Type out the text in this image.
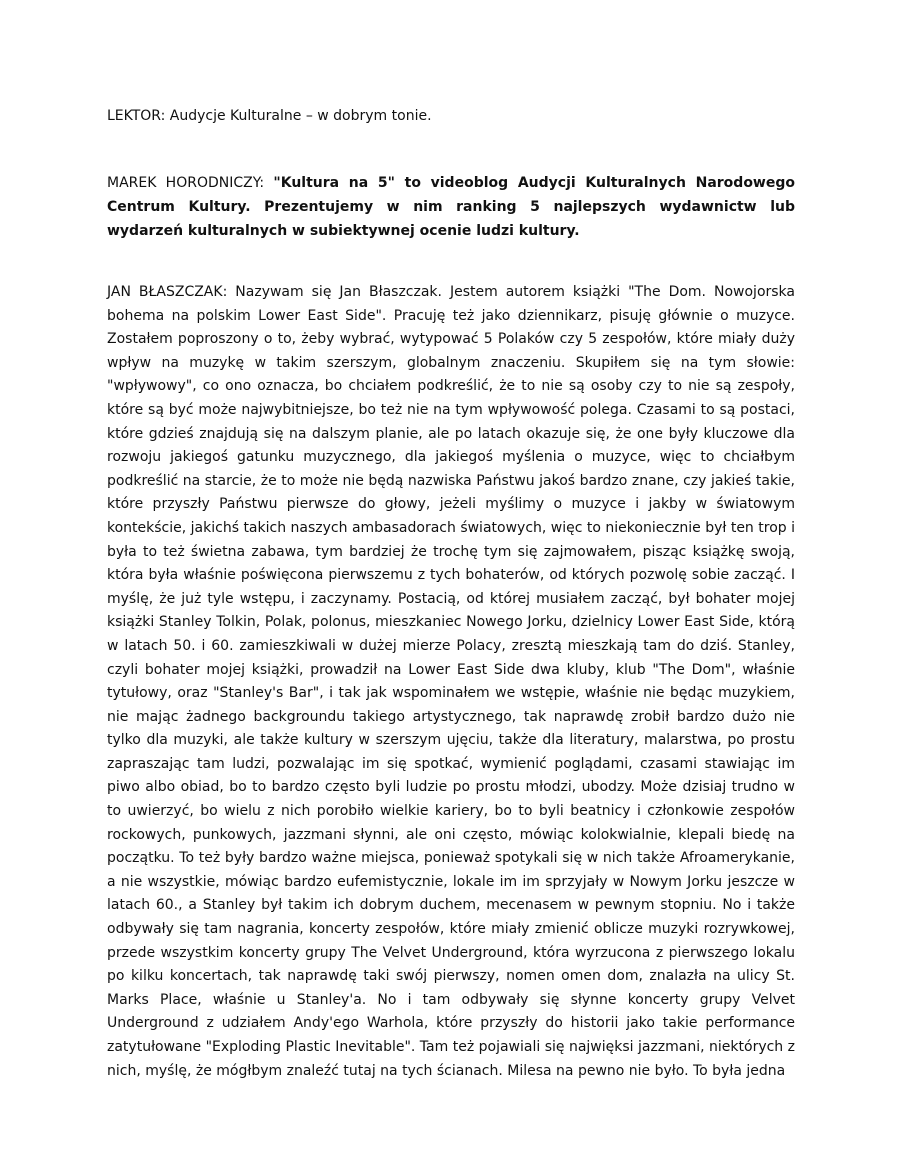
LEKTOR: Audycje Kulturalne – w dobrym tonie.

MAREK HORODNICZY: "Kultura na 5" to videoblog Audycji Kulturalnych Narodowego Centrum Kultury. Prezentujemy w nim ranking 5 najlepszych wydawnictw lub wydarzeń kulturalnych w subiektywnej ocenie ludzi kultury.

JAN BŁASZCZAK: Nazywam się Jan Błaszczak. Jestem autorem książki "The Dom. Nowojorska bohema na polskim Lower East Side". Pracuję też jako dziennikarz, pisuję głównie o muzyce. Zostałem poproszony o to, żeby wybrać, wytypować 5 Polaków czy 5 zespołów, które miały duży wpływ na muzykę w takim szerszym, globalnym znaczeniu. Skupiłem się na tym słowie: "wpływowy", co ono oznacza, bo chciałem podkreślić, że to nie są osoby czy to nie są zespoły, które są być może najwybitniejsze, bo też nie na tym wpływowość polega. Czasami to są postaci, które gdzieś znajdują się na dalszym planie, ale po latach okazuje się, że one były kluczowe dla rozwoju jakiegoś gatunku muzycznego, dla jakiegoś myślenia o muzyce, więc to chciałbym podkreślić na starcie, że to może nie będą nazwiska Państwu jakoś bardzo znane, czy jakieś takie, które przyszły Państwu pierwsze do głowy, jeżeli myślimy o muzyce i jakby w światowym kontekście, jakichś takich naszych ambasadorach światowych, więc to niekoniecznie był ten trop i była to też świetna zabawa, tym bardziej że trochę tym się zajmowałem, pisząc książkę swoją, która była właśnie poświęcona pierwszemu z tych bohaterów, od których pozwolę sobie zacząć. I myślę, że już tyle wstępu, i zaczynamy. Postacią, od której musiałem zacząć, był bohater mojej książki Stanley Tolkin, Polak, polonus, mieszkaniec Nowego Jorku, dzielnicy Lower East Side, którą w latach 50. i 60. zamieszkiwali w dużej mierze Polacy, zresztą mieszkają tam do dziś. Stanley, czyli bohater mojej książki, prowadził na Lower East Side dwa kluby, klub "The Dom", właśnie tytułowy, oraz "Stanley's Bar", i tak jak wspominałem we wstępie, właśnie nie będąc muzykiem, nie mając żadnego backgroundu takiego artystycznego, tak naprawdę zrobił bardzo dużo nie tylko dla muzyki, ale także kultury w szerszym ujęciu, także dla literatury, malarstwa, po prostu zapraszając tam ludzi, pozwalając im się spotkać, wymienić poglądami, czasami stawiając im piwo albo obiad, bo to bardzo często byli ludzie po prostu młodzi, ubodzy. Może dzisiaj trudno w to uwierzyć, bo wielu z nich porobiło wielkie kariery, bo to byli beatnicy i członkowie zespołów rockowych, punkowych, jazzmani słynni, ale oni często, mówiąc kolokwialnie, klepali biedę na początku. To też były bardzo ważne miejsca, ponieważ spotykali się w nich także Afroamerykanie, a nie wszystkie, mówiąc bardzo eufemistycznie, lokale im im sprzyjały w Nowym Jorku jeszcze w latach 60., a Stanley był takim ich dobrym duchem, mecenasem w pewnym stopniu. No i także odbywały się tam nagrania, koncerty zespołów, które miały zmienić oblicze muzyki rozrywkowej, przede wszystkim koncerty grupy The Velvet Underground, która wyrzucona z pierwszego lokalu po kilku koncertach, tak naprawdę taki swój pierwszy, nomen omen dom, znalazła na ulicy St. Marks Place, właśnie u Stanley'a. No i tam odbywały się słynne koncerty grupy Velvet Underground z udziałem Andy'ego Warhola, które przyszły do historii jako takie performance zatytułowane "Exploding Plastic Inevitable". Tam też pojawiali się najwięksi jazzmani, niektórych z nich, myślę, że mógłbym znaleźć tutaj na tych ścianach. Milesa na pewno nie było. To była jedna
